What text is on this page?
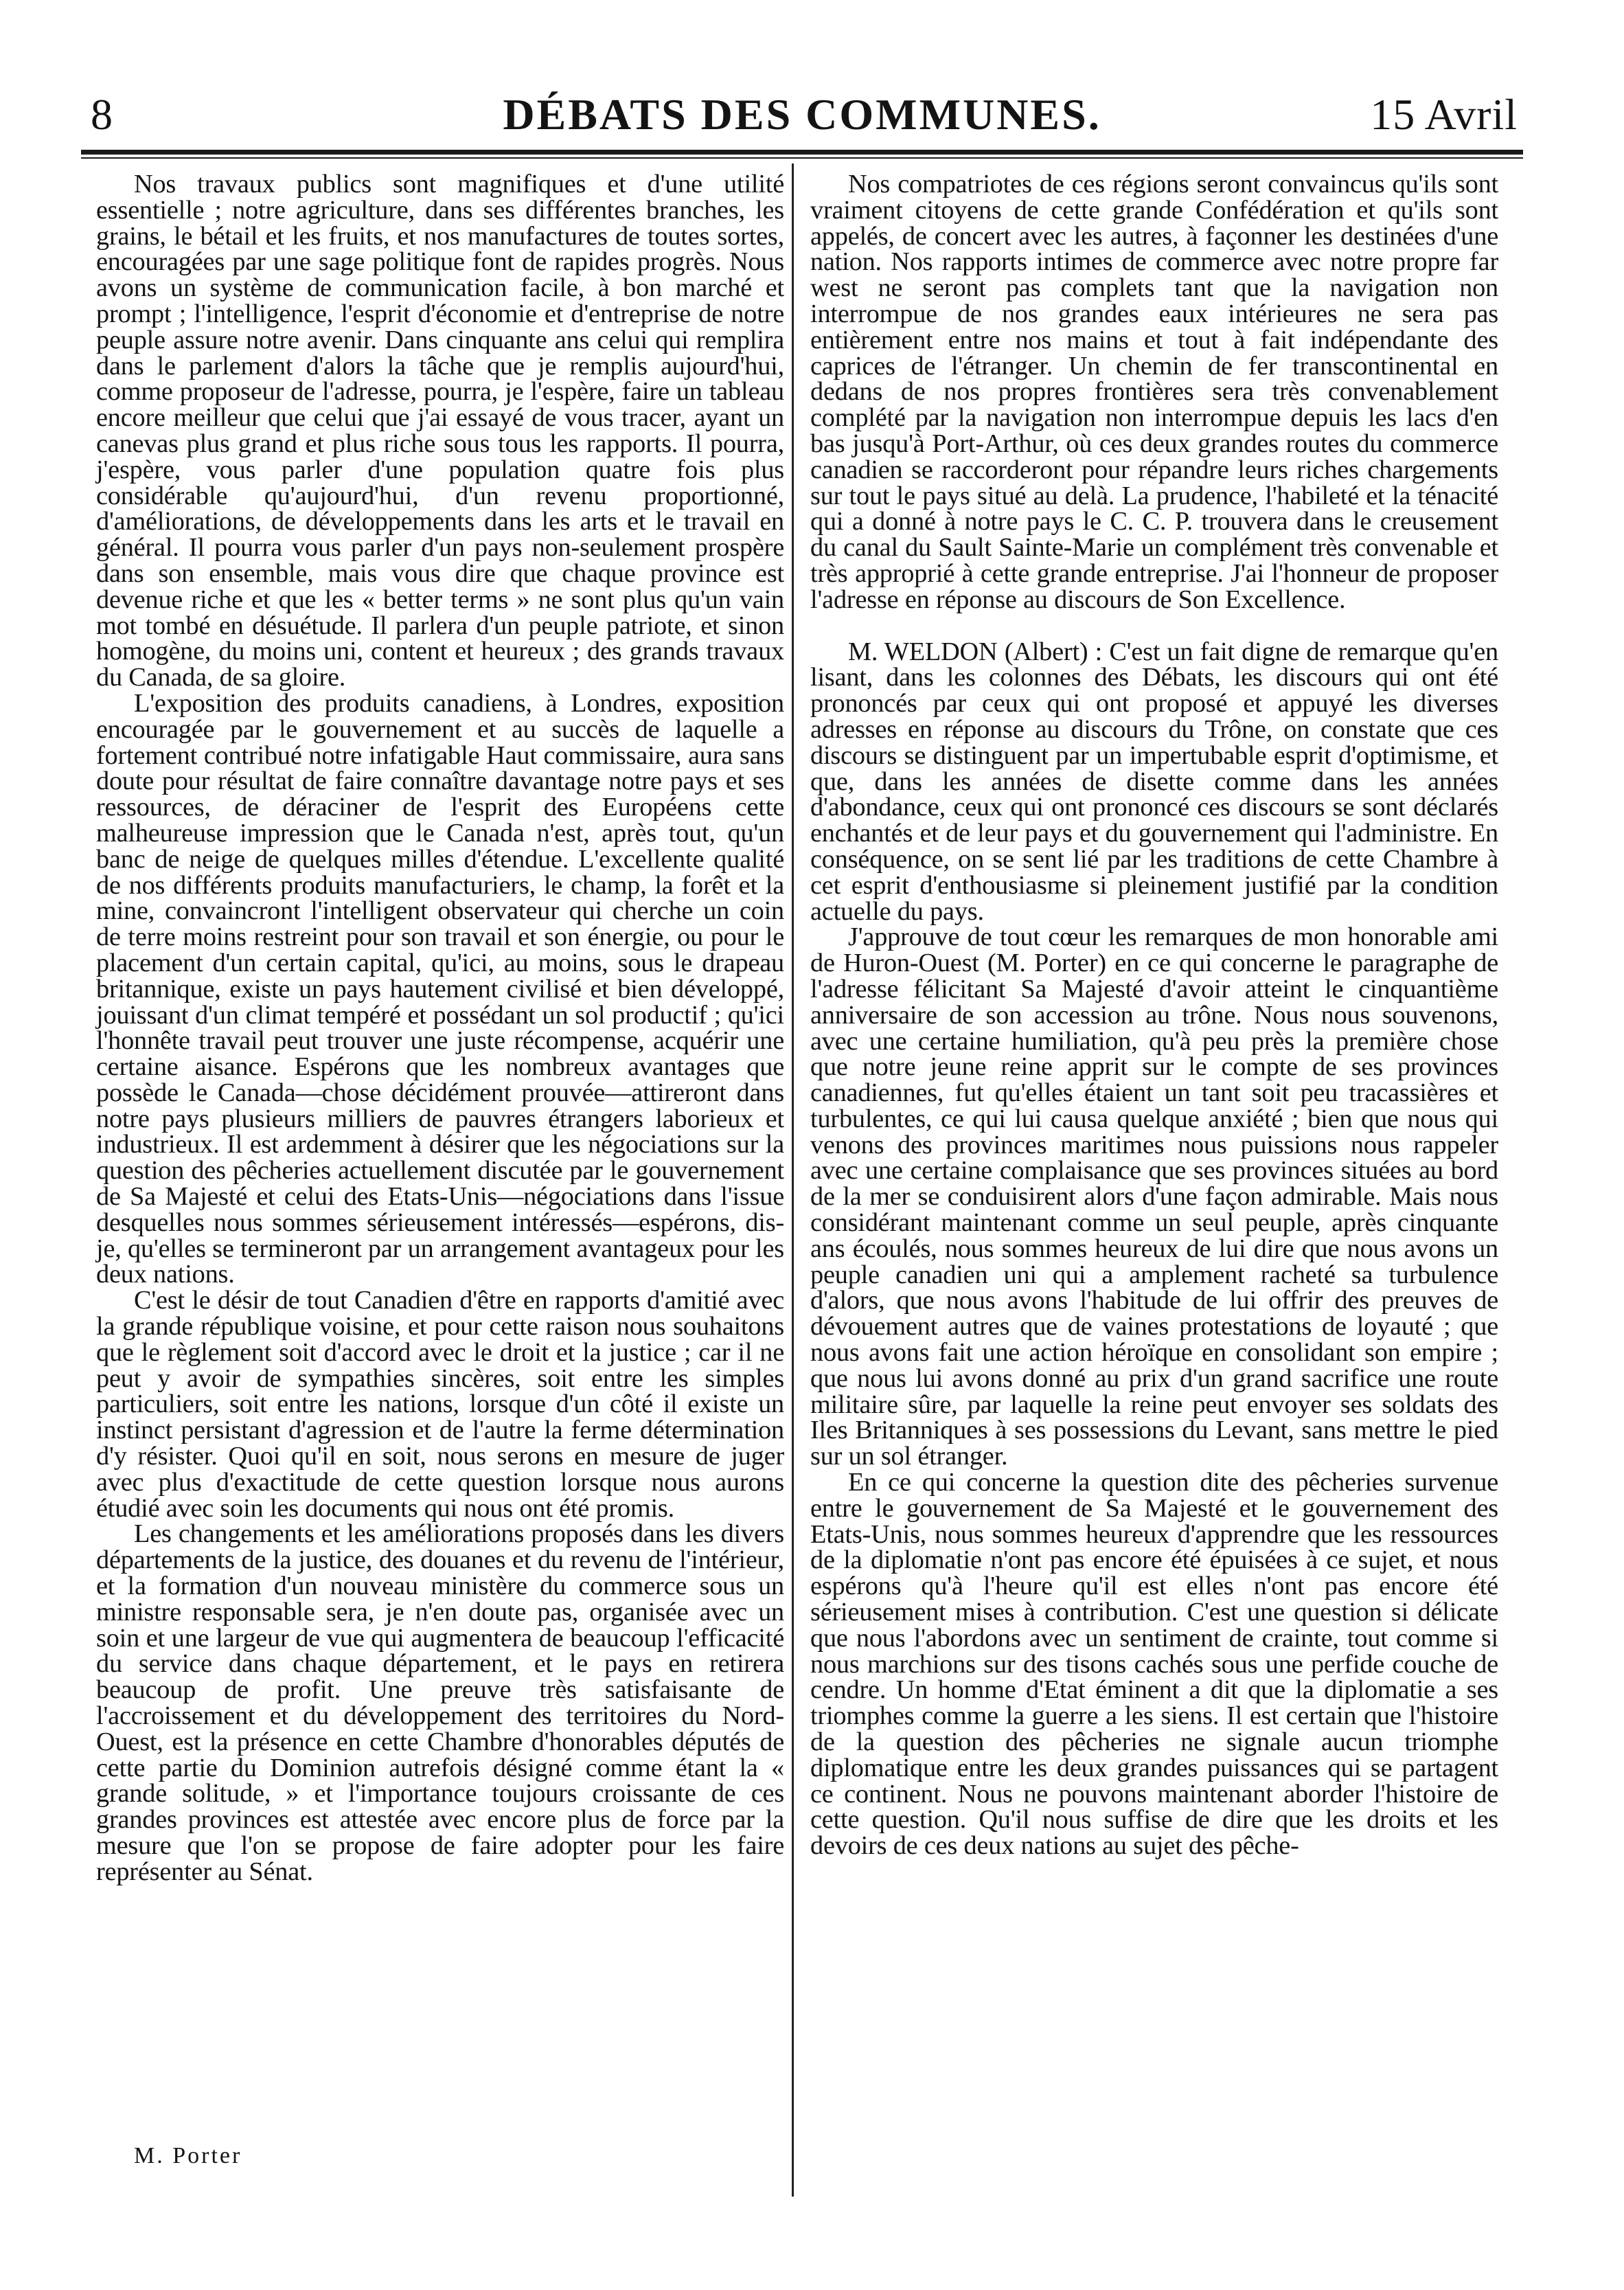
8	DÉBATS DES COMMUNES.	15 Avril

Nos travaux publics sont magnifiques et d'une utilité essentielle ; notre agriculture, dans ses différentes branches, les grains, le bétail et les fruits, et nos manufactures de toutes sortes, encouragées par une sage politique font de rapides progrès. Nous avons un système de communication facile, à bon marché et prompt ; l'intelligence, l'esprit d'économie et d'entreprise de notre peuple assure notre avenir. Dans cinquante ans celui qui remplira dans le parlement d'alors la tâche que je remplis aujourd'hui, comme proposeur de l'adresse, pourra, je l'espère, faire un tableau encore meilleur que celui que j'ai essayé de vous tracer, ayant un canevas plus grand et plus riche sous tous les rapports. Il pourra, j'espère, vous parler d'une population quatre fois plus considérable qu'aujourd'hui, d'un revenu proportionné, d'améliorations, de développements dans les arts et le travail en général. Il pourra vous parler d'un pays non-seulement prospère dans son ensemble, mais vous dire que chaque province est devenue riche et que les « better terms » ne sont plus qu'un vain mot tombé en désuétude. Il parlera d'un peuple patriote, et sinon homogène, du moins uni, content et heureux ; des grands travaux du Canada, de sa gloire.

L'exposition des produits canadiens, à Londres, exposition encouragée par le gouvernement et au succès de laquelle a fortement contribué notre infatigable Haut commissaire, aura sans doute pour résultat de faire connaître davantage notre pays et ses ressources, de déraciner de l'esprit des Européens cette malheureuse impression que le Canada n'est, après tout, qu'un banc de neige de quelques milles d'étendue. L'excellente qualité de nos différents produits manufacturiers, le champ, la forêt et la mine, convaincront l'intelligent observateur qui cherche un coin de terre moins restreint pour son travail et son énergie, ou pour le placement d'un certain capital, qu'ici, au moins, sous le drapeau britannique, existe un pays hautement civilisé et bien développé, jouissant d'un climat tempéré et possédant un sol productif ; qu'ici l'honnête travail peut trouver une juste récompense, acquérir une certaine aisance. Espérons que les nombreux avantages que possède le Canada—chose décidément prouvée—attireront dans notre pays plusieurs milliers de pauvres étrangers laborieux et industrieux. Il est ardemment à désirer que les négociations sur la question des pêcheries actuellement discutée par le gouvernement de Sa Majesté et celui des Etats-Unis—négociations dans l'issue desquelles nous sommes sérieusement intéressés—espérons, dis-je, qu'elles se termineront par un arrangement avantageux pour les deux nations.

C'est le désir de tout Canadien d'être en rapports d'amitié avec la grande république voisine, et pour cette raison nous souhaitons que le règlement soit d'accord avec le droit et la justice ; car il ne peut y avoir de sympathies sincères, soit entre les simples particuliers, soit entre les nations, lorsque d'un côté il existe un instinct persistant d'agression et de l'autre la ferme détermination d'y résister. Quoi qu'il en soit, nous serons en mesure de juger avec plus d'exactitude de cette question lorsque nous aurons étudié avec soin les documents qui nous ont été promis.

Les changements et les améliorations proposés dans les divers départements de la justice, des douanes et du revenu de l'intérieur, et la formation d'un nouveau ministère du commerce sous un ministre responsable sera, je n'en doute pas, organisée avec un soin et une largeur de vue qui augmentera de beaucoup l'efficacité du service dans chaque département, et le pays en retirera beaucoup de profit. Une preuve très satisfaisante de l'accroissement et du développement des territoires du Nord-Ouest, est la présence en cette Chambre d'honorables députés de cette partie du Dominion autrefois désigné comme étant la « grande solitude, » et l'importance toujours croissante de ces grandes provinces est attestée avec encore plus de force par la mesure que l'on se propose de faire adopter pour les faire représenter au Sénat.

M. Porter

Nos compatriotes de ces régions seront convaincus qu'ils sont vraiment citoyens de cette grande Confédération et qu'ils sont appelés, de concert avec les autres, à façonner les destinées d'une nation. Nos rapports intimes de commerce avec notre propre far west ne seront pas complets tant que la navigation non interrompue de nos grandes eaux intérieures ne sera pas entièrement entre nos mains et tout à fait indépendante des caprices de l'étranger. Un chemin de fer transcontinental en dedans de nos propres frontières sera très convenablement complété par la navigation non interrompue depuis les lacs d'en bas jusqu'à Port-Arthur, où ces deux grandes routes du commerce canadien se raccorderont pour répandre leurs riches chargements sur tout le pays situé au delà. La prudence, l'habileté et la ténacité qui a donné à notre pays le C. C. P. trouvera dans le creusement du canal du Sault Sainte-Marie un complément très convenable et très approprié à cette grande entreprise. J'ai l'honneur de proposer l'adresse en réponse au discours de Son Excellence.

M. WELDON (Albert) : C'est un fait digne de remarque qu'en lisant, dans les colonnes des Débats, les discours qui ont été prononcés par ceux qui ont proposé et appuyé les diverses adresses en réponse au discours du Trône, on constate que ces discours se distinguent par un impertubable esprit d'optimisme, et que, dans les années de disette comme dans les années d'abondance, ceux qui ont prononcé ces discours se sont déclarés enchantés et de leur pays et du gouvernement qui l'administre. En conséquence, on se sent lié par les traditions de cette Chambre à cet esprit d'enthousiasme si pleinement justifié par la condition actuelle du pays.

J'approuve de tout cœur les remarques de mon honorable ami de Huron-Ouest (M. Porter) en ce qui concerne le paragraphe de l'adresse félicitant Sa Majesté d'avoir atteint le cinquantième anniversaire de son accession au trône. Nous nous souvenons, avec une certaine humiliation, qu'à peu près la première chose que notre jeune reine apprit sur le compte de ses provinces canadiennes, fut qu'elles étaient un tant soit peu tracassières et turbulentes, ce qui lui causa quelque anxiété ; bien que nous qui venons des provinces maritimes nous puissions nous rappeler avec une certaine complaisance que ses provinces situées au bord de la mer se conduisirent alors d'une façon admirable. Mais nous considérant maintenant comme un seul peuple, après cinquante ans écoulés, nous sommes heureux de lui dire que nous avons un peuple canadien uni qui a amplement racheté sa turbulence d'alors, que nous avons l'habitude de lui offrir des preuves de dévouement autres que de vaines protestations de loyauté ; que nous avons fait une action héroïque en consolidant son empire ; que nous lui avons donné au prix d'un grand sacrifice une route militaire sûre, par laquelle la reine peut envoyer ses soldats des Iles Britanniques à ses possessions du Levant, sans mettre le pied sur un sol étranger.

En ce qui concerne la question dite des pêcheries survenue entre le gouvernement de Sa Majesté et le gouvernement des Etats-Unis, nous sommes heureux d'apprendre que les ressources de la diplomatie n'ont pas encore été épuisées à ce sujet, et nous espérons qu'à l'heure qu'il est elles n'ont pas encore été sérieusement mises à contribution. C'est une question si délicate que nous l'abordons avec un sentiment de crainte, tout comme si nous marchions sur des tisons cachés sous une perfide couche de cendre. Un homme d'Etat éminent a dit que la diplomatie a ses triomphes comme la guerre a les siens. Il est certain que l'histoire de la question des pêcheries ne signale aucun triomphe diplomatique entre les deux grandes puissances qui se partagent ce continent. Nous ne pouvons maintenant aborder l'histoire de cette question. Qu'il nous suffise de dire que les droits et les devoirs de ces deux nations au sujet des pêche-
